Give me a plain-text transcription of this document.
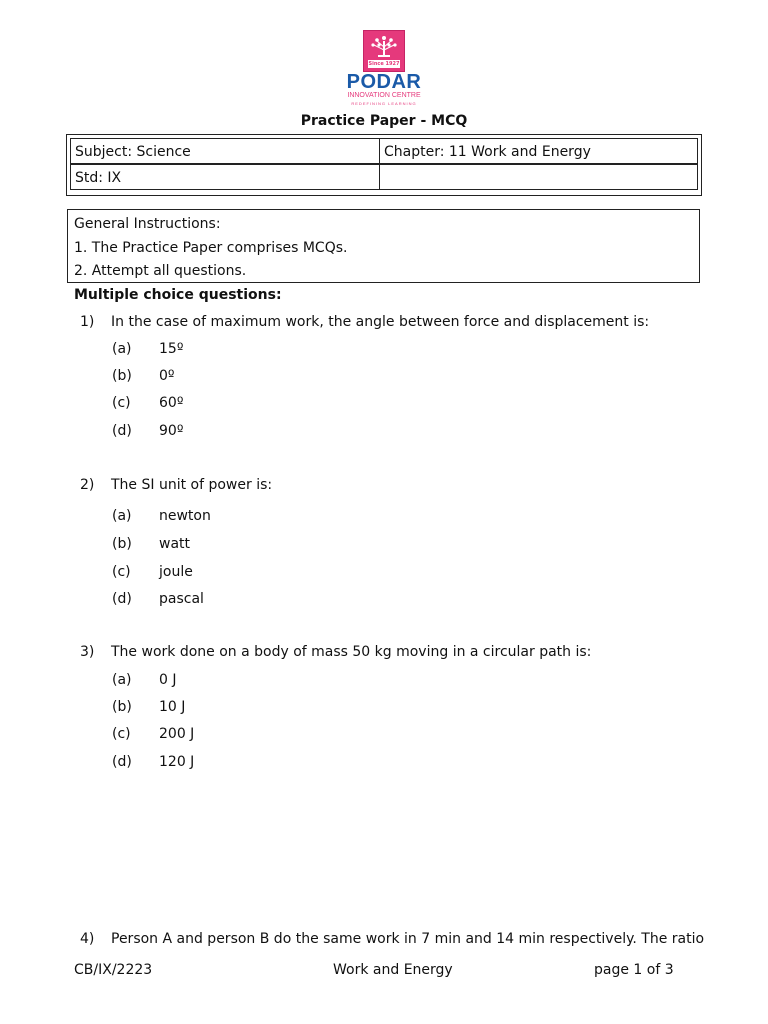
Since 1927
PODAR
INNOVATION CENTRE
REDEFINING LEARNING
Practice Paper - MCQ
Subject: Science	Chapter: 11 Work and Energy
Std: IX
General Instructions:
1. The Practice Paper comprises MCQs.
2. Attempt all questions.
Multiple choice questions:
1)	In the case of maximum work, the angle between force and displacement is:
(a)	15º
(b)	0º
(c)	60º
(d)	90º
2)	The SI unit of power is:
(a)	newton
(b)	watt
(c)	joule
(d)	pascal
3)	The work done on a body of mass 50 kg moving in a circular path is:
(a)	0 J
(b)	10 J
(c)	200 J
(d)	120 J
4)	Person A and person B do the same work in 7 min and 14 min respectively. The ratio
CB/IX/2223	Work and Energy	page 1 of 3
